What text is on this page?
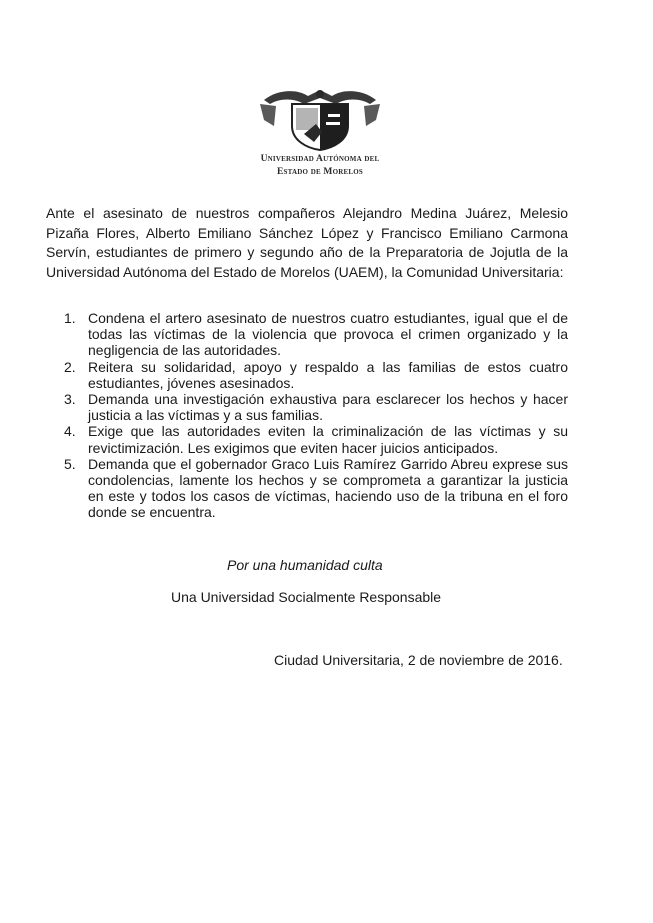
Universidad Autónoma del
Estado de Morelos

Ante el asesinato de nuestros compañeros Alejandro Medina Juárez, Melesio Pizaña Flores, Alberto Emiliano Sánchez López y Francisco Emiliano Carmona Servín, estudiantes de primero y segundo año de la Preparatoria de Jojutla de la Universidad Autónoma del Estado de Morelos (UAEM), la Comunidad Universitaria:

1. Condena el artero asesinato de nuestros cuatro estudiantes, igual que el de todas las víctimas de la violencia que provoca el crimen organizado y la negligencia de las autoridades.
2. Reitera su solidaridad, apoyo y respaldo a las familias de estos cuatro estudiantes, jóvenes asesinados.
3. Demanda una investigación exhaustiva para esclarecer los hechos y hacer justicia a las víctimas y a sus familias.
4. Exige que las autoridades eviten la criminalización de las víctimas y su revictimización. Les exigimos que eviten hacer juicios anticipados.
5. Demanda que el gobernador Graco Luis Ramírez Garrido Abreu exprese sus condolencias, lamente los hechos y se comprometa a garantizar la justicia en este y todos los casos de víctimas, haciendo uso de la tribuna en el foro donde se encuentra.

Por una humanidad culta

Una Universidad Socialmente Responsable

Ciudad Universitaria, 2 de noviembre de 2016.
